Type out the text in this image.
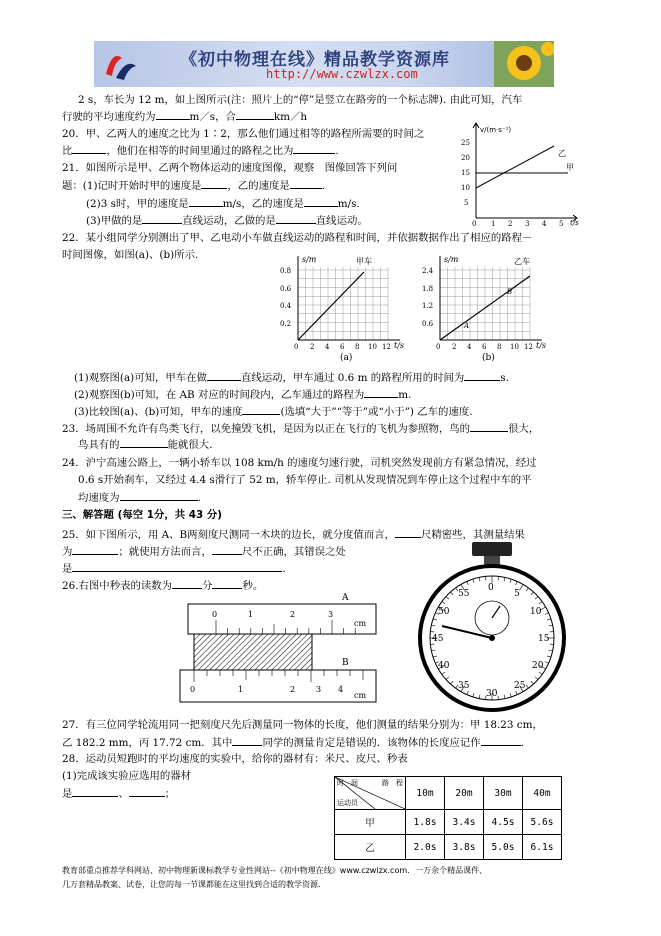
《初中物理在线》精品教学资源库
http://www.czwlzx.com
2 s，车长为 12 m，如上图所示(注：照片上的“停”是竖立在路旁的一个标志牌). 由此可知，汽车
行驶的平均速度约为	m／s，合	km／h
20．甲、乙两人的速度之比为 1∶2，那么他们通过相等的路程所需要的时间之
比	，他们在相等的时间里通过的路程之比为	.
21．如图所示是甲、乙两个物体运动的速度图像，观察　图像回答下列问
题：(1)记时开始时甲的速度是	，乙的速度是	.
(2)3 s时，甲的速度是	m/s，乙的速度是	m/s.
(3)甲做的是	直线运动，乙做的是	直线运动。
v/(m·s⁻¹)
t/s
5
10
15
20
25
0 1 2 3 4 5
乙
甲
22．某小组同学分别测出了甲、乙电动小车做直线运动的路程和时间，并依据数据作出了相应的路程－
时间图像，如图(a)、(b)所示.	s/m	甲车
t/s
0.2
0.4
0.6
0.8
0 2 4 6 8 10 12
(a)
s/m	乙车
t/s
0.6
1.2
1.8
2.4
0 2 4 6 8 10 12
A
B
(b)
(1)观察图(a)可知，甲车在做	直线运动，甲车通过 0.6 m 的路程所用的时间为	s.
(2)观察图(b)可知，在 AB 对应的时间段内，乙车通过的路程为	m.
(3)比较图(a)、(b)可知，甲车的速度	(选填“大于”“等于”或“小于”) 乙车的速度.
23．场周围不允许有鸟类飞行，以免撞毁飞机，是因为以正在飞行的飞机为参照物，鸟的	很大，
鸟具有的	能就很大.
24．沪宁高速公路上，一辆小轿车以 108 km/h 的速度匀速行驶，司机突然发现前方有紧急情况，经过
0.6 s开始刹车，又经过 4.4 s滑行了 52 m，轿车停止. 司机从发现情况到车停止这个过程中车的平
均速度为	.
三、解答题 (每空 1分，共 43 分)
25．如下图所示，用 A、B两刻度尺测同一木块的边长，就分度值而言，	尺精密些，其测量结果
为	；就使用方法而言，	尺不正确，其错误之处
是	.
26.右图中秒表的读数为	分	秒。
A
0	1	2	3
cm
B
0	1	2	3 4
cm
0
5
10
15
20
25
30
35
40
45
50
55
27．有三位同学轮流用同一把刻度尺先后测量同一物体的长度，他们测量的结果分别为：甲 18.23 cm，
乙 182.2 mm，丙 17.72 cm．其中	同学的测量肯定是错误的．该物体的长度应记作	.
28．运动员短跑时的平均速度的实验中，给你的器材有：米尺、皮尺、秒表
(1)完成该实验应选用的器材
是	、	；
时　间 路　程
运动员	10m	20m	30m	40m
甲	1.8s	3.4s	4.5s	5.6s
乙	2.0s	3.8s	5.0s	6.1s
教育部重点推荐学科网站、初中物理新课标教学专业性网站--《初中物理在线》www.czwlzx.com．一万余个精品课件、
几万套精品教案、试卷，让您的每一节课都能在这里找到合适的教学资源．
